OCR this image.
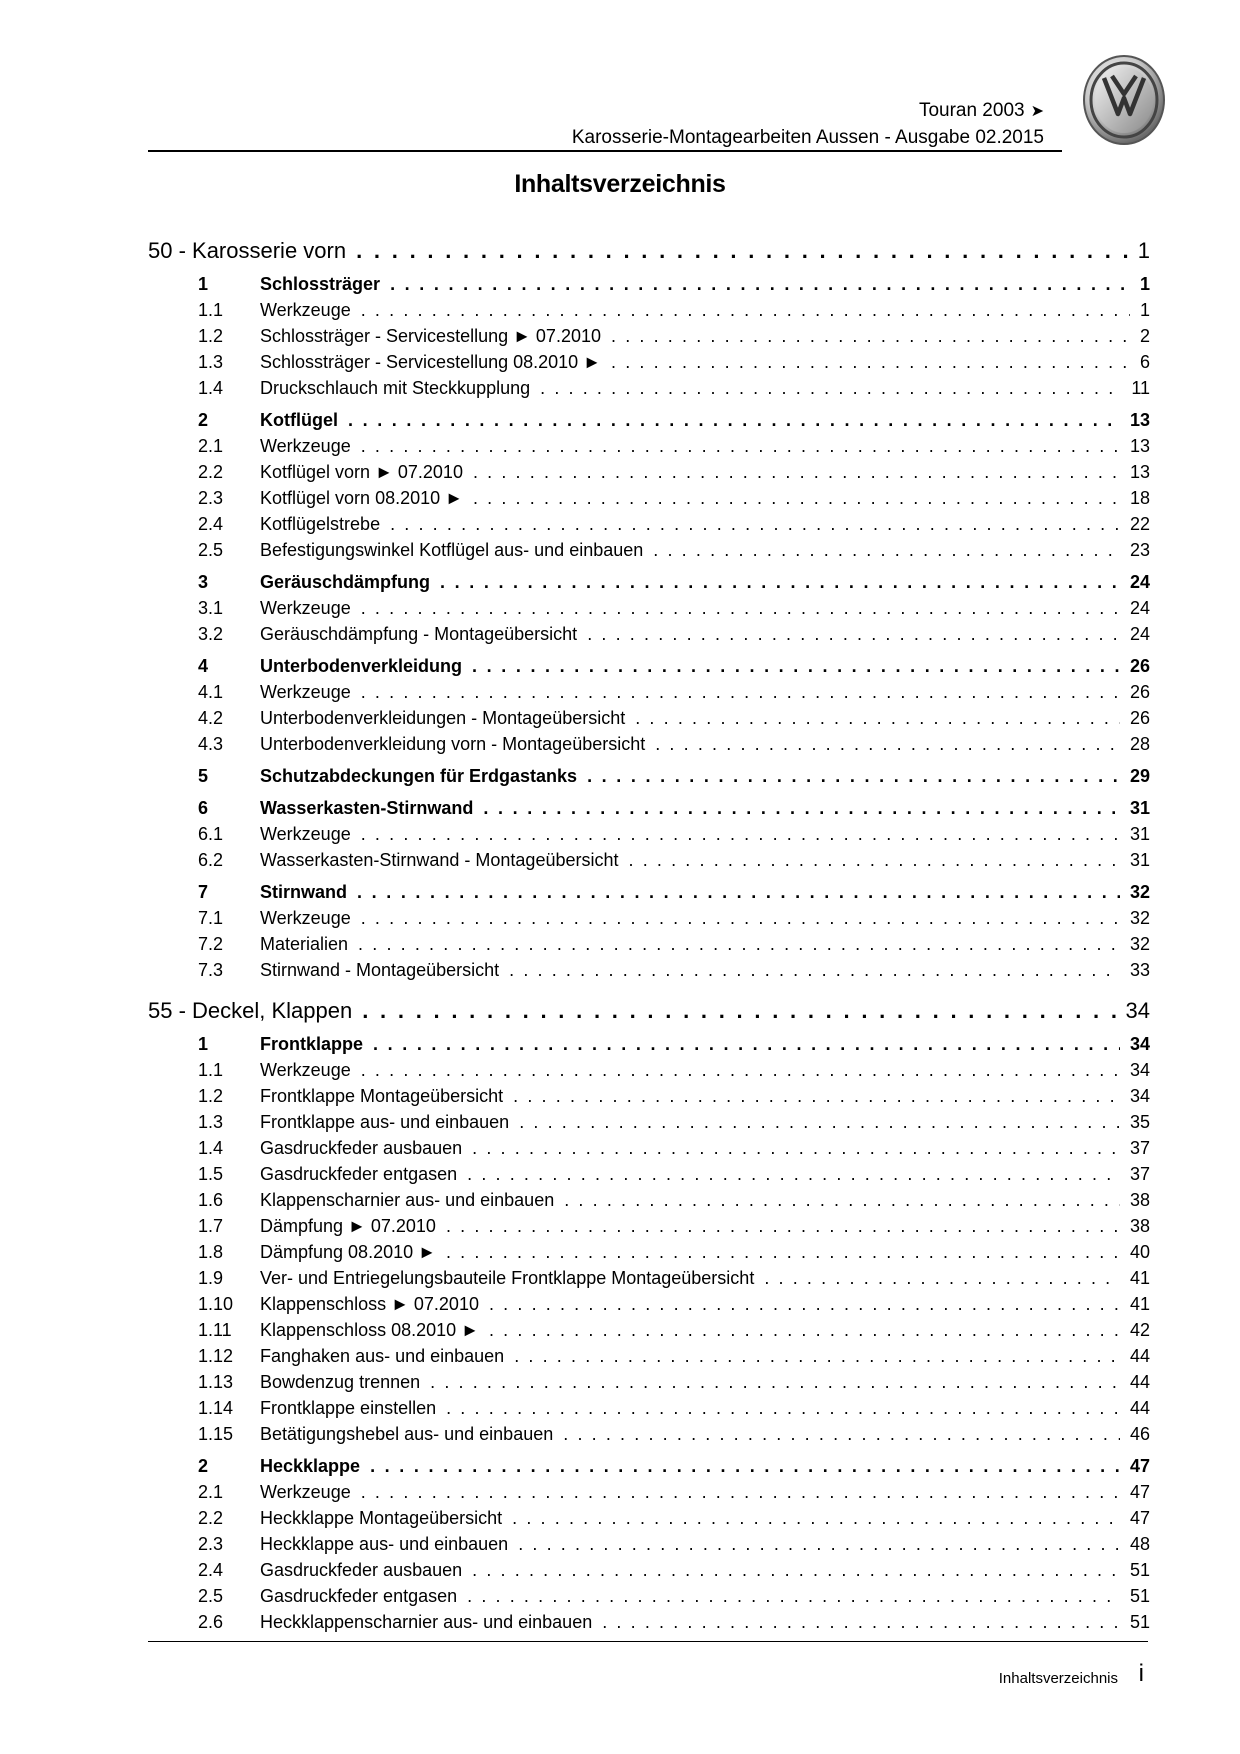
Touran 2003 ➤
Karosserie-Montagearbeiten Aussen - Ausgabe 02.2015
Inhaltsverzeichnis
50 - Karosserie vorn . . .	1
1	Schlossträger . . .	1
1.1	Werkzeuge . . .	1
1.2	Schlossträger - Servicestellung ► 07.2010 . . .	2
1.3	Schlossträger - Servicestellung 08.2010 ► . . .	6
1.4	Druckschlauch mit Steckkupplung . . .	11
2	Kotflügel . . .	13
2.1	Werkzeuge . . .	13
2.2	Kotflügel vorn ► 07.2010 . . .	13
2.3	Kotflügel vorn 08.2010 ► . . .	18
2.4	Kotflügelstrebe . . .	22
2.5	Befestigungswinkel Kotflügel aus- und einbauen . . .	23
3	Geräuschdämpfung . . .	24
3.1	Werkzeuge . . .	24
3.2	Geräuschdämpfung - Montageübersicht . . .	24
4	Unterbodenverkleidung . . .	26
4.1	Werkzeuge . . .	26
4.2	Unterbodenverkleidungen - Montageübersicht . . .	26
4.3	Unterbodenverkleidung vorn - Montageübersicht . . .	28
5	Schutzabdeckungen für Erdgastanks . . .	29
6	Wasserkasten-Stirnwand . . .	31
6.1	Werkzeuge . . .	31
6.2	Wasserkasten-Stirnwand - Montageübersicht . . .	31
7	Stirnwand . . .	32
7.1	Werkzeuge . . .	32
7.2	Materialien . . .	32
7.3	Stirnwand - Montageübersicht . . .	33
55 - Deckel, Klappen . . .	34
1	Frontklappe . . .	34
1.1	Werkzeuge . . .	34
1.2	Frontklappe Montageübersicht . . .	34
1.3	Frontklappe aus- und einbauen . . .	35
1.4	Gasdruckfeder ausbauen . . .	37
1.5	Gasdruckfeder entgasen . . .	37
1.6	Klappenscharnier aus- und einbauen . . .	38
1.7	Dämpfung ► 07.2010 . . .	38
1.8	Dämpfung 08.2010 ► . . .	40
1.9	Ver- und Entriegelungsbauteile Frontklappe Montageübersicht . . .	41
1.10	Klappenschloss ► 07.2010 . . .	41
1.11	Klappenschloss 08.2010 ► . . .	42
1.12	Fanghaken aus- und einbauen . . .	44
1.13	Bowdenzug trennen . . .	44
1.14	Frontklappe einstellen . . .	44
1.15	Betätigungshebel aus- und einbauen . . .	46
2	Heckklappe . . .	47
2.1	Werkzeuge . . .	47
2.2	Heckklappe Montageübersicht . . .	47
2.3	Heckklappe aus- und einbauen . . .	48
2.4	Gasdruckfeder ausbauen . . .	51
2.5	Gasdruckfeder entgasen . . .	51
2.6	Heckklappenscharnier aus- und einbauen . . .	51
Inhaltsverzeichnis i
